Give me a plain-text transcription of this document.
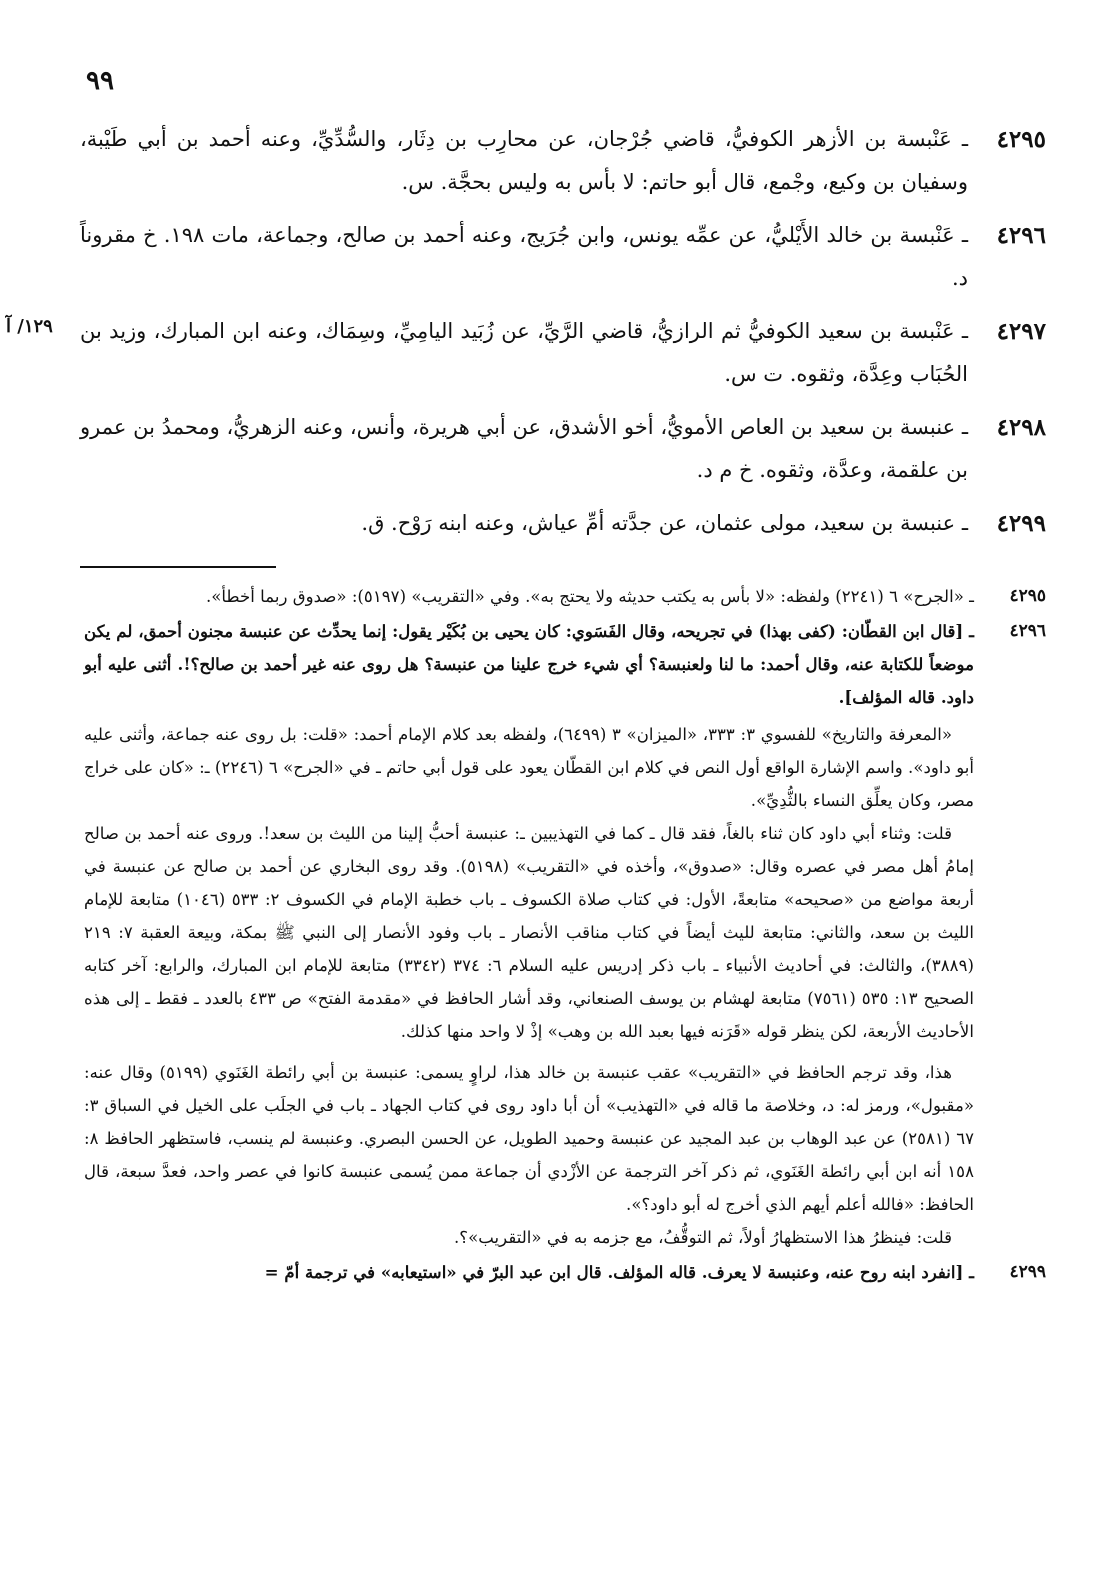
٩٩
١٢٩/ آ
٤٢٩٥
ـ عَنْبسة بن الأزهر الكوفيُّ، قاضي جُرْجان، عن محارِب بن دِثَار، والسُّدِّيِّ، وعنه أحمد بن أبي طَيْبة، وسفيان بن وكيع، وجْمع، قال أبو حاتم: لا بأس به وليس بحجَّة. س.
٤٢٩٦
ـ عَنْبسة بن خالد الأَيْليُّ، عن عمِّه يونس، وابن جُرَيج، وعنه أحمد بن صالح، وجماعة، مات ١٩٨. خ مقروناً د.
٤٢٩٧
ـ عَنْبسة بن سعيد الكوفيُّ ثم الرازيُّ، قاضي الرَّيِّ، عن زُبَيد اليامِيِّ، وسِمَاك، وعنه ابن المبارك، وزيد بن الحُبَاب وعِدَّة، وثقوه. ت س.
٤٢٩٨
ـ عنبسة بن سعيد بن العاص الأمويُّ، أخو الأشدق، عن أبي هريرة، وأنس، وعنه الزهريُّ، ومحمدُ بن عمرو بن علقمة، وعدَّة، وثقوه. خ م د.
٤٢٩٩
ـ عنبسة بن سعيد، مولى عثمان، عن جدَّته أمِّ عياش، وعنه ابنه رَوْح. ق.
٤٢٩٥
ـ «الجرح» ٦ (٢٢٤١) ولفظه: «لا بأس به يكتب حديثه ولا يحتج به». وفي «التقريب» (٥١٩٧): «صدوق ربما أخطأ».
٤٢٩٦
ـ [قال ابن القطّان: (كفى بهذا) في تجريحه، وقال الفَسَوي: كان يحيى بن بُكَيْر يقول: إنما يحدِّث عن عنبسة مجنون أحمق، لم يكن موضعاً للكتابة عنه، وقال أحمد: ما لنا ولعنبسة؟ أي شيء خرج علينا من عنبسة؟ هل روى عنه غير أحمد بن صالح؟!. أثنى عليه أبو داود. قاله المؤلف].

«المعرفة والتاريخ» للفسوي ٣: ٣٣٣، «الميزان» ٣ (٦٤٩٩)، ولفظه بعد كلام الإمام أحمد: «قلت: بل روى عنه جماعة، وأثنى عليه أبو داود». واسم الإشارة الواقع أول النص في كلام ابن القطّان يعود على قول أبي حاتم ـ في «الجرح» ٦ (٢٢٤٦) ـ: «كان على خراج مصر، وكان يعلِّق النساء بالثُّدِيِّ».

قلت: وثناء أبي داود كان ثناء بالغاً، فقد قال ـ كما في التهذيبين ـ: عنبسة أحبُّ إلينا من الليث بن سعد!. وروى عنه أحمد بن صالح إمامُ أهل مصر في عصره وقال: «صدوق»، وأخذه في «التقريب» (٥١٩٨). وقد روى البخاري عن أحمد بن صالح عن عنبسة في أربعة مواضع من «صحيحه» متابعةً، الأول: في كتاب صلاة الكسوف ـ باب خطبة الإمام في الكسوف ٢: ٥٣٣ (١٠٤٦) متابعة للإمام الليث بن سعد، والثاني: متابعة لليث أيضاً في كتاب مناقب الأنصار ـ باب وفود الأنصار إلى النبي ﷺ بمكة، وبيعة العقبة ٧: ٢١٩ (٣٨٨٩)، والثالث: في أحاديث الأنبياء ـ باب ذكر إدريس عليه السلام ٦: ٣٧٤ (٣٣٤٢) متابعة للإمام ابن المبارك، والرابع: آخر كتابه الصحيح ١٣: ٥٣٥ (٧٥٦١) متابعة لهشام بن يوسف الصنعاني، وقد أشار الحافظ في «مقدمة الفتح» ص ٤٣٣ بالعدد ـ فقط ـ إلى هذه الأحاديث الأربعة، لكن ينظر قوله «قَرَنه فيها بعبد الله بن وهب» إذْ لا واحد منها كذلك.

هذا، وقد ترجم الحافظ في «التقريب» عقب عنبسة بن خالد هذا، لراوٍ يسمى: عنبسة بن أبي رائطة الغَنَوي (٥١٩٩) وقال عنه: «مقبول»، ورمز له: د، وخلاصة ما قاله في «التهذيب» أن أبا داود روى في كتاب الجهاد ـ باب في الجلَب على الخيل في السباق ٣: ٦٧ (٢٥٨١) عن عبد الوهاب بن عبد المجيد عن عنبسة وحميد الطويل، عن الحسن البصري. وعنبسة لم ينسب، فاستظهر الحافظ ٨: ١٥٨ أنه ابن أبي رائطة الغَنَوي، ثم ذكر آخر الترجمة عن الأزْدي أن جماعة ممن يُسمى عنبسة كانوا في عصر واحد، فعدَّ سبعة، قال الحافظ: «فالله أعلم أيهم الذي أخرج له أبو داود؟».

قلت: فينظرُ هذا الاستظهارُ أولاً، ثم التوقُّفُ، مع جزمه به في «التقريب»؟.

٤٢٩٩
ـ [انفرد ابنه روح عنه، وعنبسة لا يعرف. قاله المؤلف. قال ابن عبد البرّ في «استيعابه» في ترجمة أمّ =
